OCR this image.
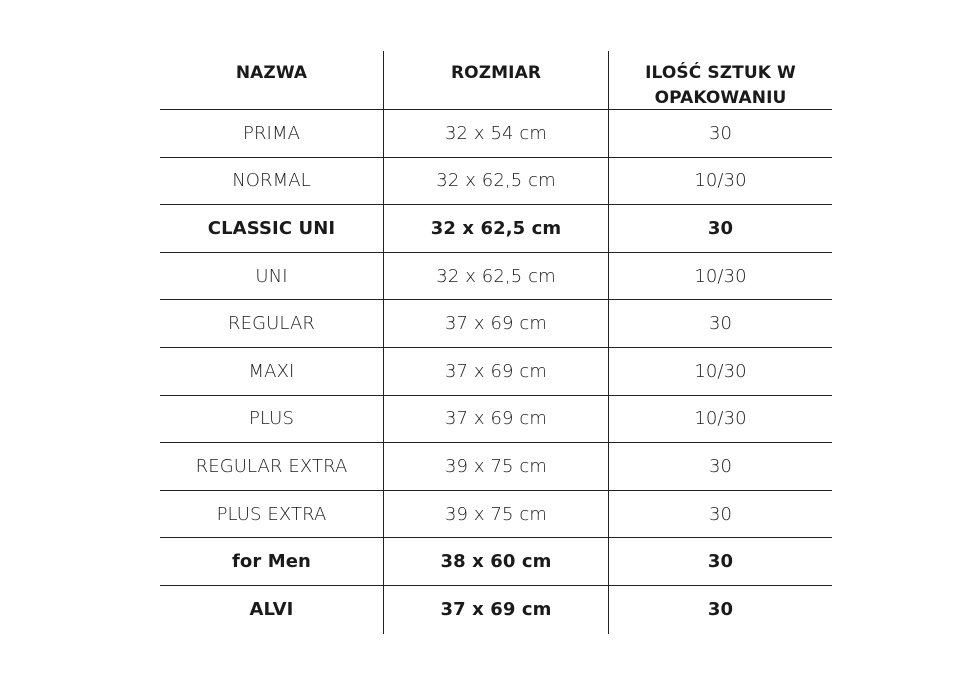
NAZWA	ROZMIAR	ILOŚĆ SZTUK W OPAKOWANIU
PRIMA	32 x 54 cm	30
NORMAL	32 x 62,5 cm	10/30
CLASSIC UNI	32 x 62,5 cm	30
UNI	32 x 62,5 cm	10/30
REGULAR	37 x 69 cm	30
MAXI	37 x 69 cm	10/30
PLUS	37 x 69 cm	10/30
REGULAR EXTRA	39 x 75 cm	30
PLUS EXTRA	39 x 75 cm	30
for Men	38 x 60 cm	30
ALVI	37 x 69 cm	30
